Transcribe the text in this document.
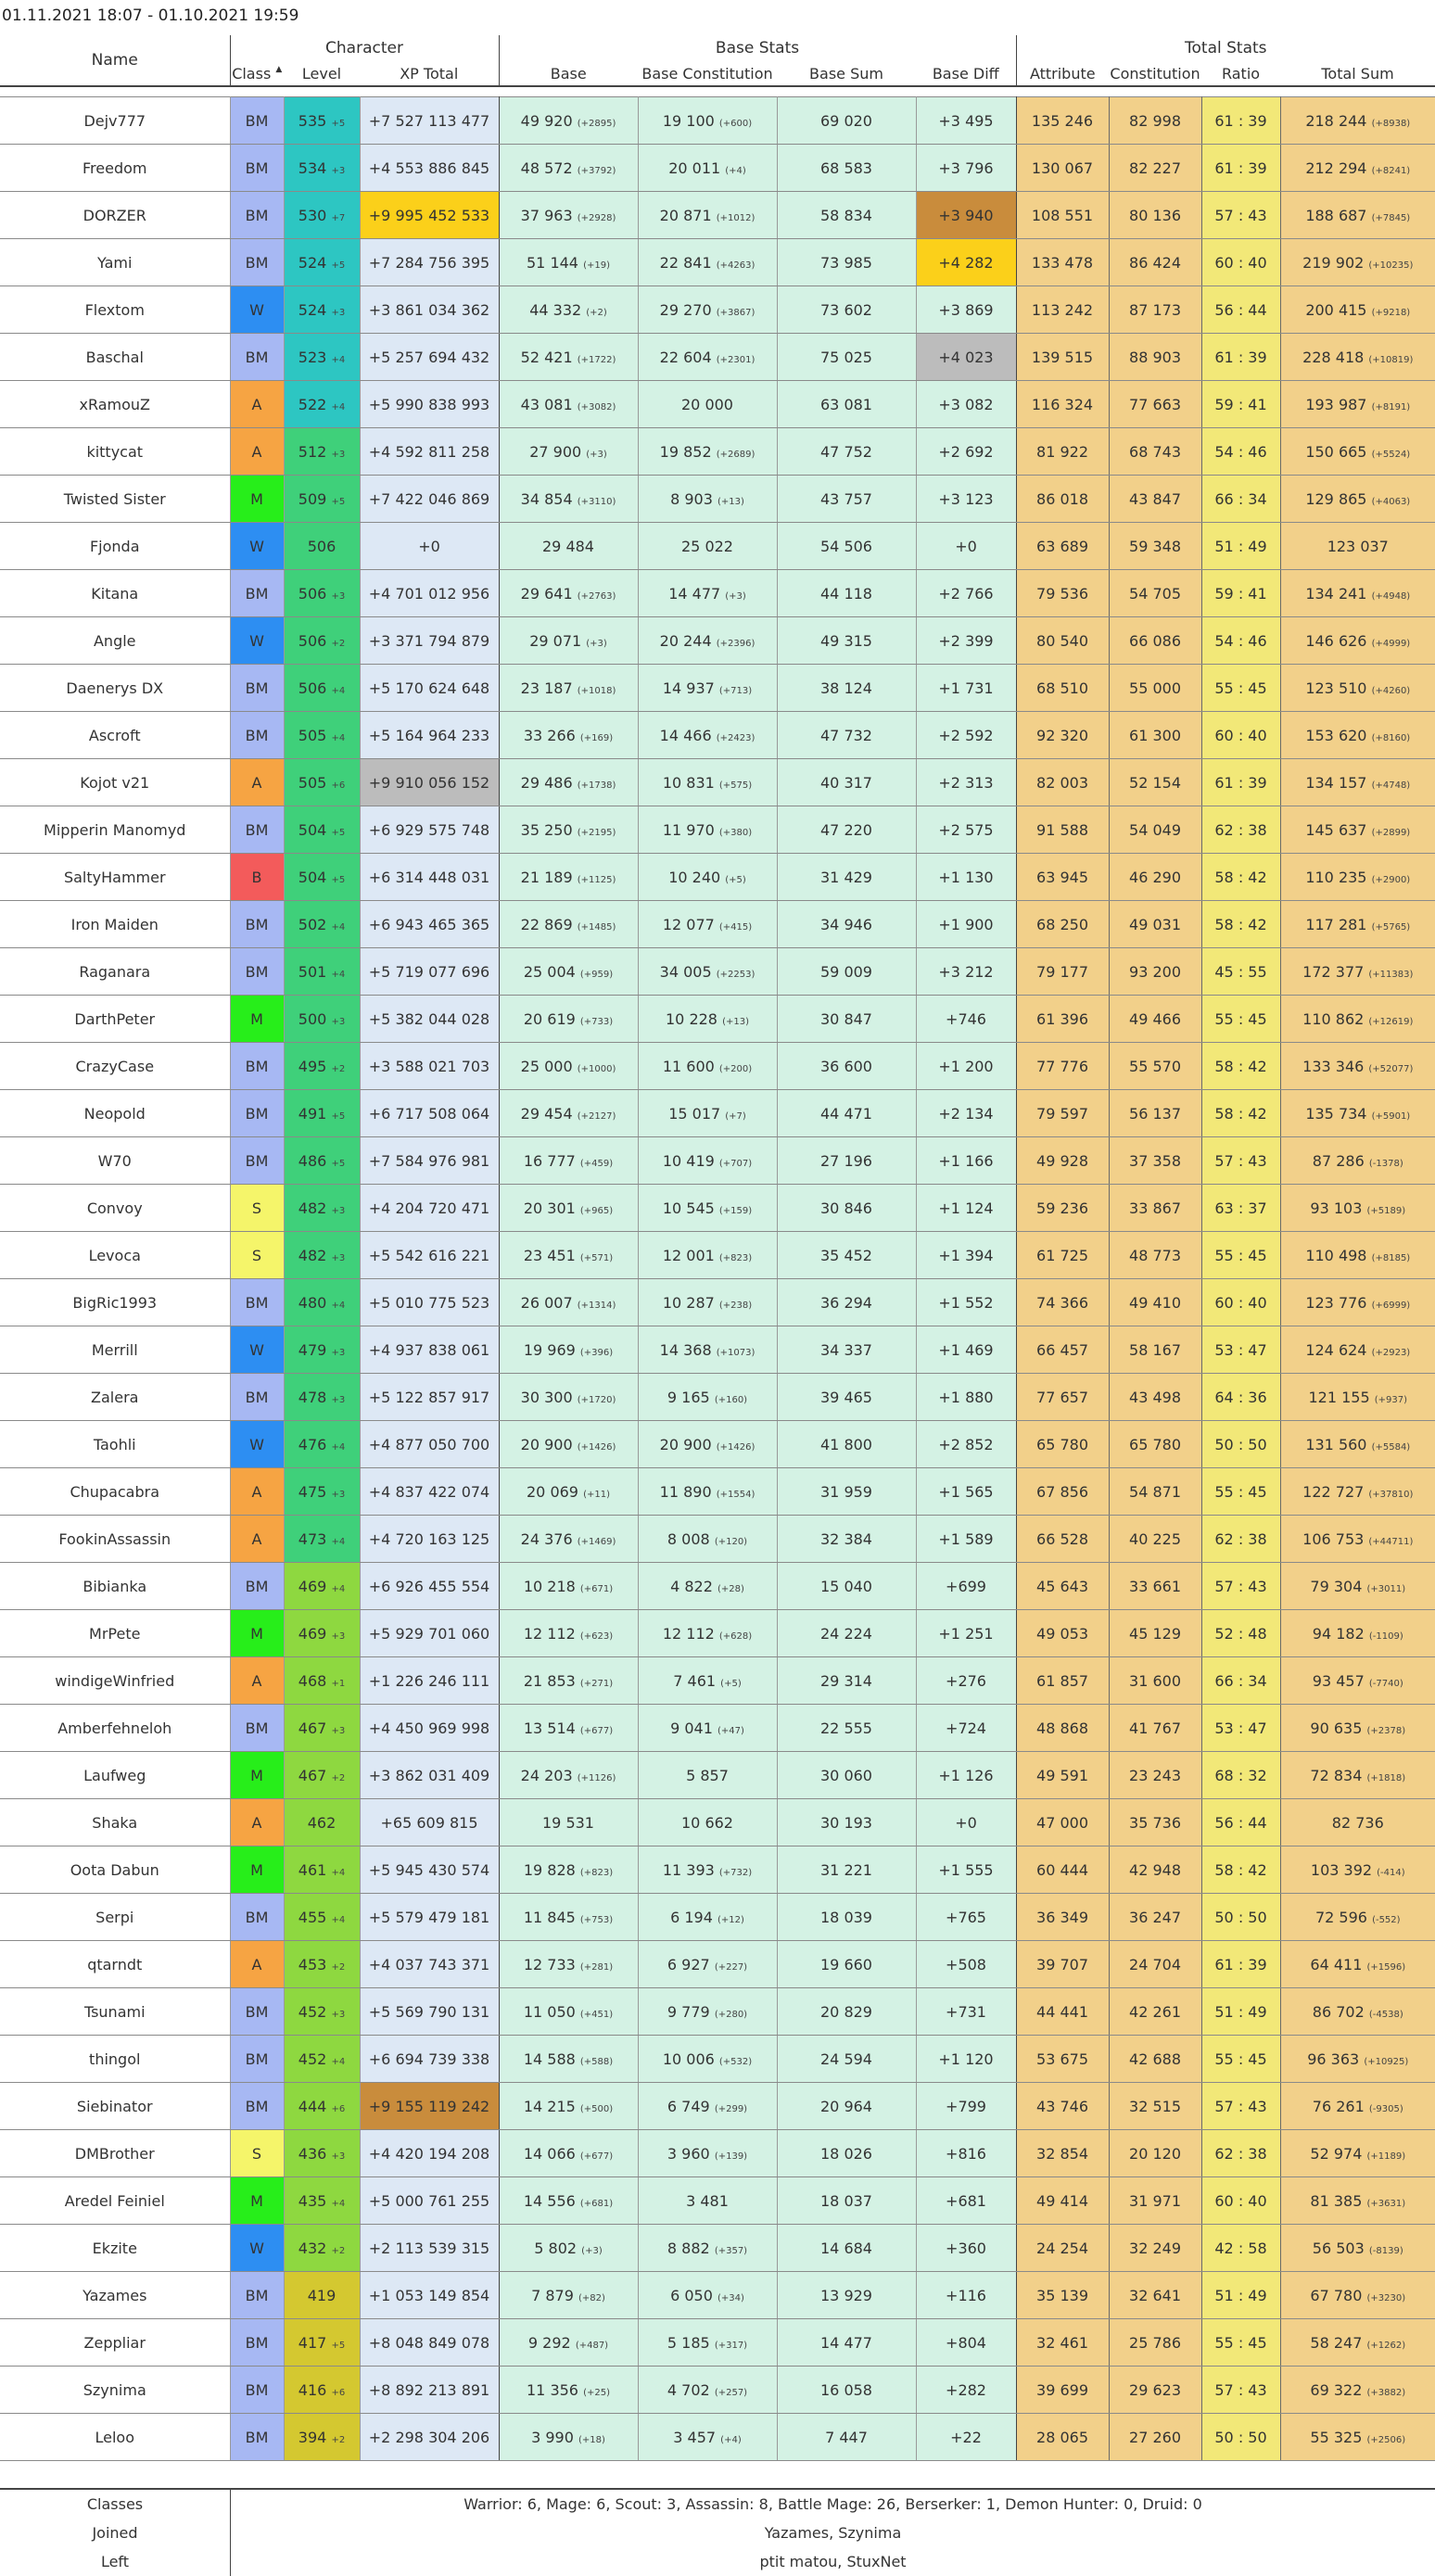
01.11.2021 18:07 - 01.10.2021 19:59
Name	Character			Base Stats				Total Stats			
	Class ▲	Level	XP Total	Base	Base Constitution	Base Sum	Base Diff	Attribute	Constitution	Ratio	Total Sum

Dejv777	BM	535 +5	+7 527 113 477	49 920 (+2895)	19 100 (+600)	69 020	+3 495	135 246	82 998	61 : 39	218 244 (+8938)
Freedom	BM	534 +3	+4 553 886 845	48 572 (+3792)	20 011 (+4)	68 583	+3 796	130 067	82 227	61 : 39	212 294 (+8241)
DORZER	BM	530 +7	+9 995 452 533	37 963 (+2928)	20 871 (+1012)	58 834	+3 940	108 551	80 136	57 : 43	188 687 (+7845)
Yami	BM	524 +5	+7 284 756 395	51 144 (+19)	22 841 (+4263)	73 985	+4 282	133 478	86 424	60 : 40	219 902 (+10235)
Flextom	W	524 +3	+3 861 034 362	44 332 (+2)	29 270 (+3867)	73 602	+3 869	113 242	87 173	56 : 44	200 415 (+9218)
Baschal	BM	523 +4	+5 257 694 432	52 421 (+1722)	22 604 (+2301)	75 025	+4 023	139 515	88 903	61 : 39	228 418 (+10819)
xRamouZ	A	522 +4	+5 990 838 993	43 081 (+3082)	20 000	63 081	+3 082	116 324	77 663	59 : 41	193 987 (+8191)
kittycat	A	512 +3	+4 592 811 258	27 900 (+3)	19 852 (+2689)	47 752	+2 692	81 922	68 743	54 : 46	150 665 (+5524)
Twisted Sister	M	509 +5	+7 422 046 869	34 854 (+3110)	8 903 (+13)	43 757	+3 123	86 018	43 847	66 : 34	129 865 (+4063)
Fjonda	W	506	+0	29 484	25 022	54 506	+0	63 689	59 348	51 : 49	123 037
Kitana	BM	506 +3	+4 701 012 956	29 641 (+2763)	14 477 (+3)	44 118	+2 766	79 536	54 705	59 : 41	134 241 (+4948)
Angle	W	506 +2	+3 371 794 879	29 071 (+3)	20 244 (+2396)	49 315	+2 399	80 540	66 086	54 : 46	146 626 (+4999)
Daenerys DX	BM	506 +4	+5 170 624 648	23 187 (+1018)	14 937 (+713)	38 124	+1 731	68 510	55 000	55 : 45	123 510 (+4260)
Ascroft	BM	505 +4	+5 164 964 233	33 266 (+169)	14 466 (+2423)	47 732	+2 592	92 320	61 300	60 : 40	153 620 (+8160)
Kojot v21	A	505 +6	+9 910 056 152	29 486 (+1738)	10 831 (+575)	40 317	+2 313	82 003	52 154	61 : 39	134 157 (+4748)
Mipperin Manomyd	BM	504 +5	+6 929 575 748	35 250 (+2195)	11 970 (+380)	47 220	+2 575	91 588	54 049	62 : 38	145 637 (+2899)
SaltyHammer	B	504 +5	+6 314 448 031	21 189 (+1125)	10 240 (+5)	31 429	+1 130	63 945	46 290	58 : 42	110 235 (+2900)
Iron Maiden	BM	502 +4	+6 943 465 365	22 869 (+1485)	12 077 (+415)	34 946	+1 900	68 250	49 031	58 : 42	117 281 (+5765)
Raganara	BM	501 +4	+5 719 077 696	25 004 (+959)	34 005 (+2253)	59 009	+3 212	79 177	93 200	45 : 55	172 377 (+11383)
DarthPeter	M	500 +3	+5 382 044 028	20 619 (+733)	10 228 (+13)	30 847	+746	61 396	49 466	55 : 45	110 862 (+12619)
CrazyCase	BM	495 +2	+3 588 021 703	25 000 (+1000)	11 600 (+200)	36 600	+1 200	77 776	55 570	58 : 42	133 346 (+52077)
Neopold	BM	491 +5	+6 717 508 064	29 454 (+2127)	15 017 (+7)	44 471	+2 134	79 597	56 137	58 : 42	135 734 (+5901)
W70	BM	486 +5	+7 584 976 981	16 777 (+459)	10 419 (+707)	27 196	+1 166	49 928	37 358	57 : 43	87 286 (-1378)
Convoy	S	482 +3	+4 204 720 471	20 301 (+965)	10 545 (+159)	30 846	+1 124	59 236	33 867	63 : 37	93 103 (+5189)
Levoca	S	482 +3	+5 542 616 221	23 451 (+571)	12 001 (+823)	35 452	+1 394	61 725	48 773	55 : 45	110 498 (+8185)
BigRic1993	BM	480 +4	+5 010 775 523	26 007 (+1314)	10 287 (+238)	36 294	+1 552	74 366	49 410	60 : 40	123 776 (+6999)
Merrill	W	479 +3	+4 937 838 061	19 969 (+396)	14 368 (+1073)	34 337	+1 469	66 457	58 167	53 : 47	124 624 (+2923)
Zalera	BM	478 +3	+5 122 857 917	30 300 (+1720)	9 165 (+160)	39 465	+1 880	77 657	43 498	64 : 36	121 155 (+937)
Taohli	W	476 +4	+4 877 050 700	20 900 (+1426)	20 900 (+1426)	41 800	+2 852	65 780	65 780	50 : 50	131 560 (+5584)
Chupacabra	A	475 +3	+4 837 422 074	20 069 (+11)	11 890 (+1554)	31 959	+1 565	67 856	54 871	55 : 45	122 727 (+37810)
FookinAssassin	A	473 +4	+4 720 163 125	24 376 (+1469)	8 008 (+120)	32 384	+1 589	66 528	40 225	62 : 38	106 753 (+44711)
Bibianka	BM	469 +4	+6 926 455 554	10 218 (+671)	4 822 (+28)	15 040	+699	45 643	33 661	57 : 43	79 304 (+3011)
MrPete	M	469 +3	+5 929 701 060	12 112 (+623)	12 112 (+628)	24 224	+1 251	49 053	45 129	52 : 48	94 182 (-1109)
windigeWinfried	A	468 +1	+1 226 246 111	21 853 (+271)	7 461 (+5)	29 314	+276	61 857	31 600	66 : 34	93 457 (-7740)
Amberfehneloh	BM	467 +3	+4 450 969 998	13 514 (+677)	9 041 (+47)	22 555	+724	48 868	41 767	53 : 47	90 635 (+2378)
Laufweg	M	467 +2	+3 862 031 409	24 203 (+1126)	5 857	30 060	+1 126	49 591	23 243	68 : 32	72 834 (+1818)
Shaka	A	462	+65 609 815	19 531	10 662	30 193	+0	47 000	35 736	56 : 44	82 736
Oota Dabun	M	461 +4	+5 945 430 574	19 828 (+823)	11 393 (+732)	31 221	+1 555	60 444	42 948	58 : 42	103 392 (-414)
Serpi	BM	455 +4	+5 579 479 181	11 845 (+753)	6 194 (+12)	18 039	+765	36 349	36 247	50 : 50	72 596 (-552)
qtarndt	A	453 +2	+4 037 743 371	12 733 (+281)	6 927 (+227)	19 660	+508	39 707	24 704	61 : 39	64 411 (+1596)
Tsunami	BM	452 +3	+5 569 790 131	11 050 (+451)	9 779 (+280)	20 829	+731	44 441	42 261	51 : 49	86 702 (-4538)
thingol	BM	452 +4	+6 694 739 338	14 588 (+588)	10 006 (+532)	24 594	+1 120	53 675	42 688	55 : 45	96 363 (+10925)
Siebinator	BM	444 +6	+9 155 119 242	14 215 (+500)	6 749 (+299)	20 964	+799	43 746	32 515	57 : 43	76 261 (-9305)
DMBrother	S	436 +3	+4 420 194 208	14 066 (+677)	3 960 (+139)	18 026	+816	32 854	20 120	62 : 38	52 974 (+1189)
Aredel Feiniel	M	435 +4	+5 000 761 255	14 556 (+681)	3 481	18 037	+681	49 414	31 971	60 : 40	81 385 (+3631)
Ekzite	W	432 +2	+2 113 539 315	5 802 (+3)	8 882 (+357)	14 684	+360	24 254	32 249	42 : 58	56 503 (-8139)
Yazames	BM	419	+1 053 149 854	7 879 (+82)	6 050 (+34)	13 929	+116	35 139	32 641	51 : 49	67 780 (+3230)
Zeppliar	BM	417 +5	+8 048 849 078	9 292 (+487)	5 185 (+317)	14 477	+804	32 461	25 786	55 : 45	58 247 (+1262)
Szynima	BM	416 +6	+8 892 213 891	11 356 (+25)	4 702 (+257)	16 058	+282	39 699	29 623	57 : 43	69 322 (+3882)
Leloo	BM	394 +2	+2 298 304 206	3 990 (+18)	3 457 (+4)	7 447	+22	28 065	27 260	50 : 50	55 325 (+2506)
Classes	Warrior: 6, Mage: 6, Scout: 3, Assassin: 8, Battle Mage: 26, Berserker: 1, Demon Hunter: 0, Druid: 0
Joined	Yazames, Szynima
Left	ptit matou, StuxNet
